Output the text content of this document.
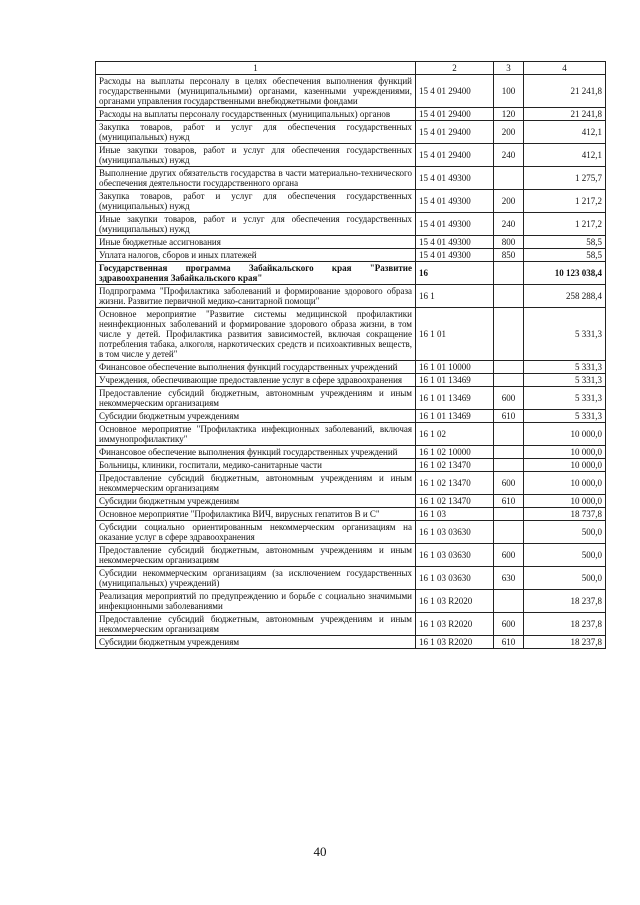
1	2	3	4
Расходы на выплаты персоналу в целях обеспечения выполнения функций государственными (муниципальными) органами, казенными учреждениями, органами управления государственными внебюджетными фондами	15 4 01 29400	100	21 241,8
Расходы на выплаты персоналу государственных (муниципальных) органов	15 4 01 29400	120	21 241,8
Закупка товаров, работ и услуг для обеспечения государственных (муниципальных) нужд	15 4 01 29400	200	412,1
Иные закупки товаров, работ и услуг для обеспечения государственных (муниципальных) нужд	15 4 01 29400	240	412,1
Выполнение других обязательств государства в части материально-технического обеспечения деятельности государственного органа	15 4 01 49300		1 275,7
Закупка товаров, работ и услуг для обеспечения государственных (муниципальных) нужд	15 4 01 49300	200	1 217,2
Иные закупки товаров, работ и услуг для обеспечения государственных (муниципальных) нужд	15 4 01 49300	240	1 217,2
Иные бюджетные ассигнования	15 4 01 49300	800	58,5
Уплата налогов, сборов и иных платежей	15 4 01 49300	850	58,5
Государственная программа Забайкальского края "Развитие здравоохранения Забайкальского края"	16		10 123 038,4
Подпрограмма "Профилактика заболеваний и формирование здорового образа жизни. Развитие первичной медико-санитарной помощи"	16 1		258 288,4
Основное мероприятие "Развитие системы медицинской профилактики неинфекционных заболеваний и формирование здорового образа жизни, в том числе у детей. Профилактика развития зависимостей, включая сокращение потребления табака, алкоголя, наркотических средств и психоактивных веществ, в том числе у детей"	16 1 01		5 331,3
Финансовое обеспечение выполнения функций государственных учреждений	16 1 01 10000		5 331,3
Учреждения, обеспечивающие предоставление услуг в сфере здравоохранения	16 1 01 13469		5 331,3
Предоставление субсидий бюджетным, автономным учреждениям и иным некоммерческим организациям	16 1 01 13469	600	5 331,3
Субсидии бюджетным учреждениям	16 1 01 13469	610	5 331,3
Основное мероприятие "Профилактика инфекционных заболеваний, включая иммунопрофилактику"	16 1 02		10 000,0
Финансовое обеспечение выполнения функций государственных учреждений	16 1 02 10000		10 000,0
Больницы, клиники, госпитали, медико-санитарные части	16 1 02 13470		10 000,0
Предоставление субсидий бюджетным, автономным учреждениям и иным некоммерческим организациям	16 1 02 13470	600	10 000,0
Субсидии бюджетным учреждениям	16 1 02 13470	610	10 000,0
Основное мероприятие "Профилактика ВИЧ, вирусных гепатитов В и С"	16 1 03		18 737,8
Субсидии социально ориентированным некоммерческим организациям на оказание услуг в сфере здравоохранения	16 1 03 03630		500,0
Предоставление субсидий бюджетным, автономным учреждениям и иным некоммерческим организациям	16 1 03 03630	600	500,0
Субсидии некоммерческим организациям (за исключением государственных (муниципальных) учреждений)	16 1 03 03630	630	500,0
Реализация мероприятий по предупреждению и борьбе с социально значимыми инфекционными заболеваниями	16 1 03 R2020		18 237,8
Предоставление субсидий бюджетным, автономным учреждениям и иным некоммерческим организациям	16 1 03 R2020	600	18 237,8
Субсидии бюджетным учреждениям	16 1 03 R2020	610	18 237,8
40
